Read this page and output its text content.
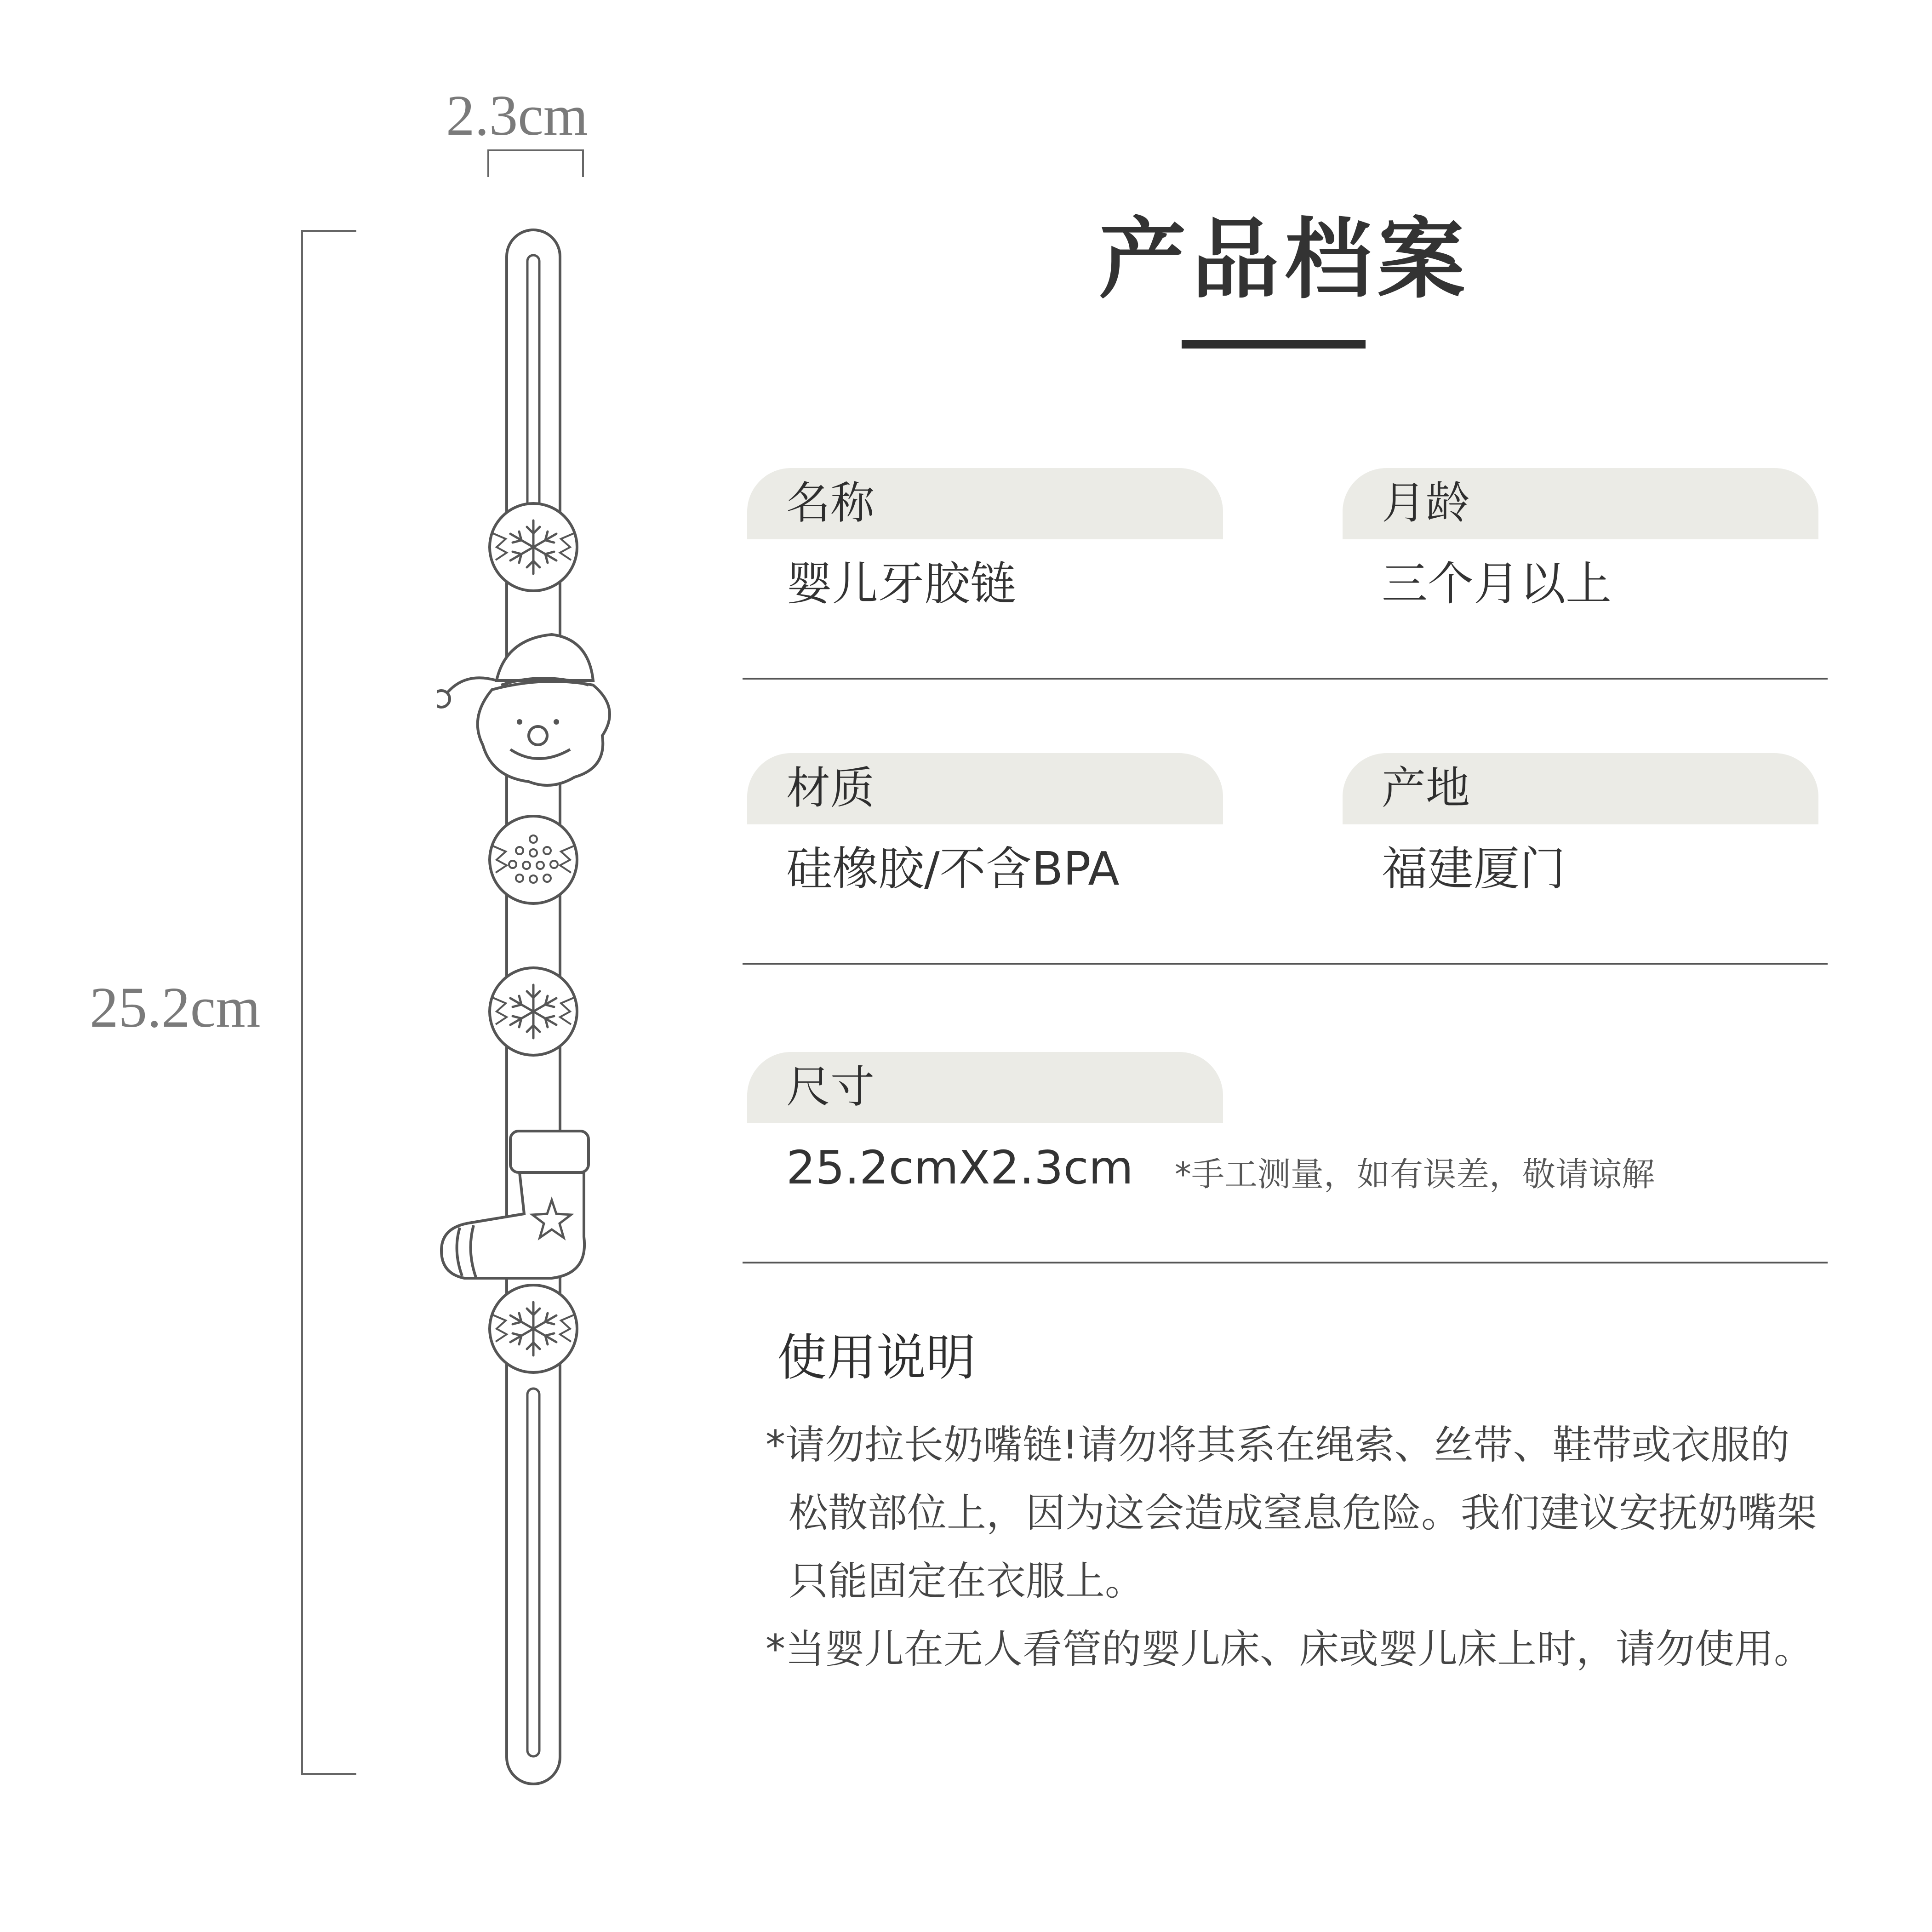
2.3cm
25.2cm
产品档案
名称
婴儿牙胶链
月龄
三个月以上
材质
硅橡胶/不含BPA
产地
福建厦门
尺寸
25.2cmX2.3cm *手工测量，如有误差，敬请谅解
使用说明
*请勿拉长奶嘴链!请勿将其系在绳索、丝带、鞋带或衣服的
松散部位上，因为这会造成窒息危险。我们建议安抚奶嘴架
只能固定在衣服上。
*当婴儿在无人看管的婴儿床、床或婴儿床上时，请勿使用。
